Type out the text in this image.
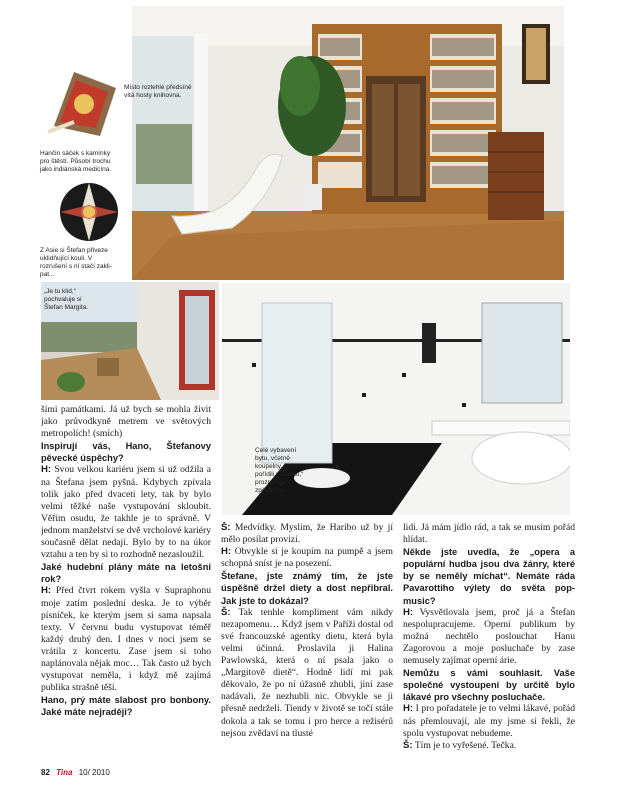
Místo rozlehlé předsíně vítá hosty knihovna.
Hančin sáček s kamínky pro štěstí. Působí trochu jako indiánská medicína.
Z Asie si Štefan přiveze uklidňující kouli. V rozrušení s ní stačí zaklipat...
„Je tu klid,“ pochvaluje si Štefan Margita.
Celé vybavení bytu, včetně koupelny, jsme pořídili v Česku,“ prozrazuje zpěvačka.

šími památkami. Já už bych se mohla živit jako průvodkyně metrem ve světových metropolích! (smích)

Inspirují vás, Hano, Štefanovy pěvecké úspěchy?

H: Svou velkou kariéru jsem si už odžila a na Štefana jsem pyšná. Kdybych zpívala tolik jako před dvaceti lety, tak by bylo velmi těžké naše vystupování skloubit. Věřím osudu, že takhle je to správně. V jednom manželství se dvě vrcholové kariéry současně dělat nedají. Bylo by to na úkor vztahu a ten by si to rozhodně nezasloužil.

Jaké hudební plány máte na letošní rok?

H: Před čtvrt rokem vyšla v Supraphonu moje zatím poslední deska. Je to výběr písniček, ke kterým jsem si sama napsala texty. V červnu budu vystupovat téměř každý druhý den. I dnes v noci jsem se vrátila z koncertu. Zase jsem si toho naplánovala nějak moc… Tak často už bych vystupovat neměla, i když mě zajímá publika strašně těší.

Hano, prý máte slabost pro bonbony. Jaké máte nejraději?

Š: Medvídky. Myslím, že Haribo už by jí mělo posílat provizi.

H: Obvykle si je koupím na pumpě a jsem schopná sníst je na posezení.

Štefane, jste známý tím, že jste úspěšně držel diety a dost nepřibral. Jak jste to dokázal?

Š: Tak tenhle kompliment vám nikdy nezapomenu… Když jsem v Paříži dostal od své francouzské agentky dietu, která byla velmi účinná. Proslavila ji Halina Pawlowská, která o ní psala jako o „Margitově dietě“. Hodně lidí mi pak děkovalo, že po ní úžasně zhubli, jiní zase nadávali, že nezhubli nic. Obvykle se ji přesně nedrželi. Tiendy v životě se točí stále dokola a tak se tomu i pro herce a režisérů nejsou zvědaví na tlusté

lidi. Já mám jídlo rád, a tak se musím pořád hlídat.

Někde jste uvedla, že „opera a populární hudba jsou dva žánry, které by se neměly míchat“. Nemáte ráda Pavarottiho výlety do světa pop-music?

H: Vysvětlovala jsem, proč já a Štefan nespolupracujeme. Operní publikum by možná nechtělo poslouchat Hanu Zagorovou a moje posluchače by zase nemusely zajímat operní árie.

Nemůžu s vámi souhlasit. Vaše společné vystoupení by určitě bylo lákavé pro všechny posluchače.

H: I pro pořadatele je to velmi lákavé, pořád nás přemlouvají, ale my jsme si řekli, že spolu vystupovat nebudeme.

Š: Tím je to vyřešené. Tečka.

82 Tina 10/ 2010
